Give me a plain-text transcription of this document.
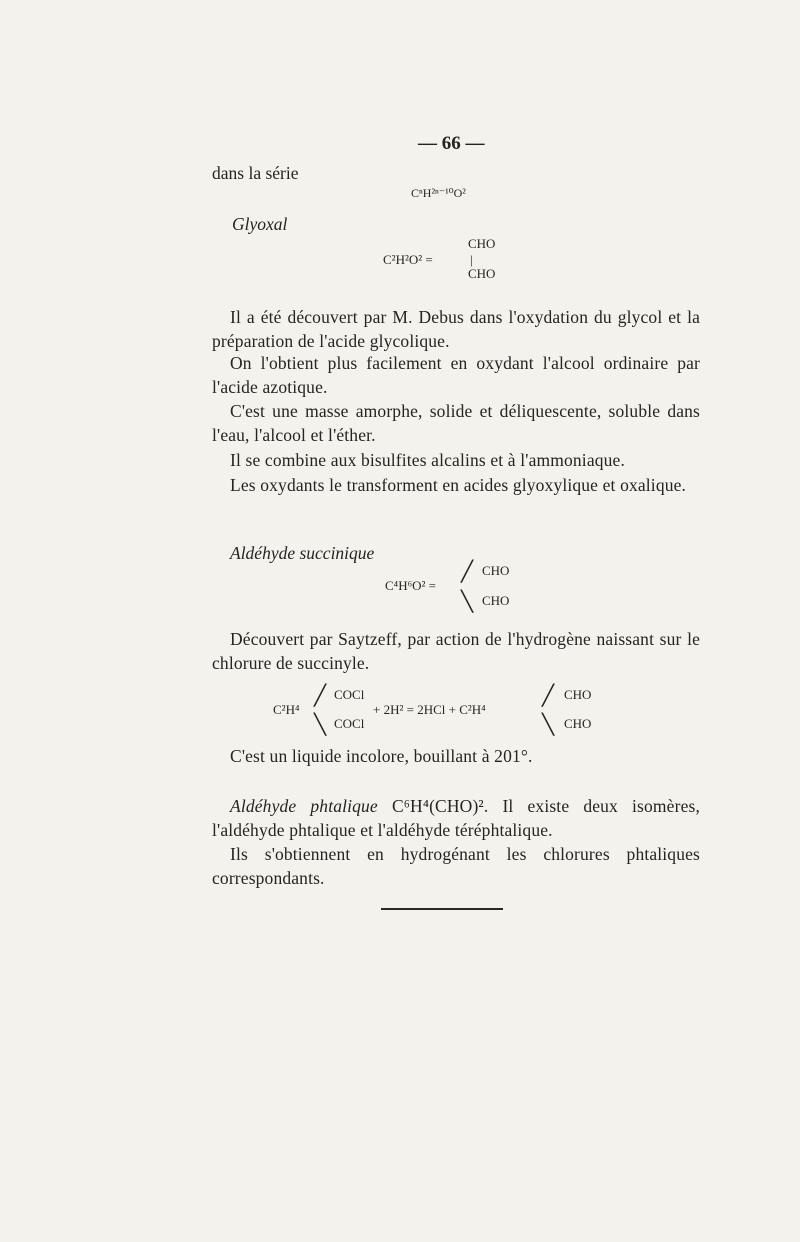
— 66 —
dans la série
CⁿH²ⁿ⁻¹⁰O²
Glyoxal
CHO
C²H²O² =	|
CHO
Il a été découvert par M. Debus dans l'oxydation du glycol et la préparation de l'acide glycolique.
On l'obtient plus facilement en oxydant l'alcool ordinaire par l'acide azotique.
C'est une masse amorphe, solide et déliquescente, soluble dans l'eau, l'alcool et l'éther.
Il se combine aux bisulfites alcalins et à l'ammoniaque.
Les oxydants le transforment en acides glyoxylique et oxalique.
Aldéhyde succinique
╱ CHO
C⁴H⁶O² =
╲ CHO
Découvert par Saytzeff, par action de l'hydrogène naissant sur le chlorure de succinyle.
╱ COCl
C²H⁴	+ 2H² = 2HCl + C²H⁴
╲ COCl
╱ CHO
╲ CHO
C'est un liquide incolore, bouillant à 201°.
Aldéhyde phtalique C⁶H⁴(CHO)². Il existe deux isomères, l'aldéhyde phtalique et l'aldéhyde téréphtalique.
Ils s'obtiennent en hydrogénant les chlorures phtaliques correspondants.
